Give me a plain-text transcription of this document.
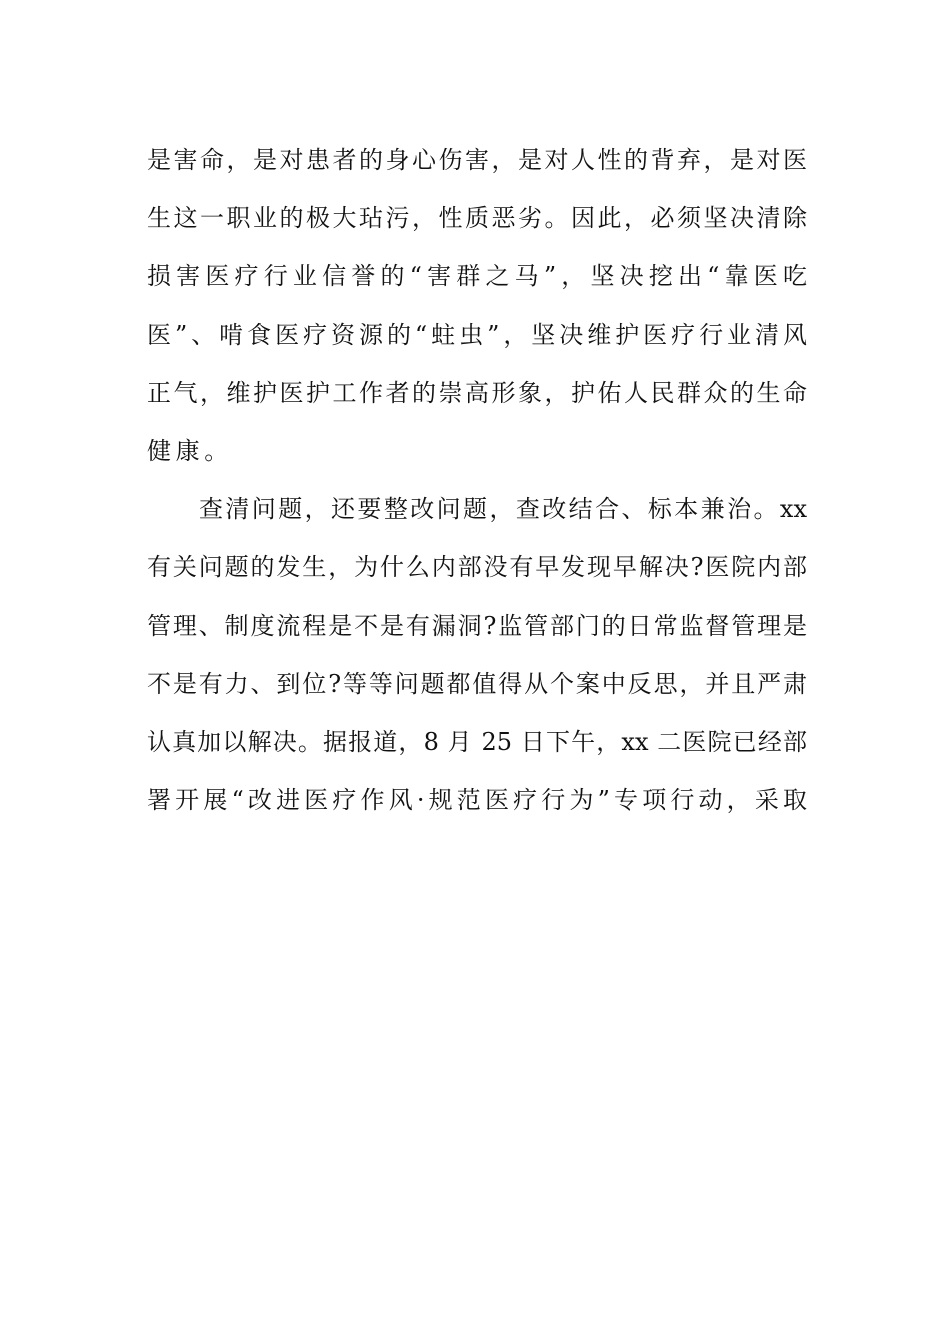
是害命，是对患者的身心伤害，是对人性的背弃，是对医
生这一职业的极大玷污，性质恶劣。因此，必须坚决清除
损害医疗行业信誉的“害群之马”，坚决挖出“靠医吃
医”、啃食医疗资源的“蛀虫”，坚决维护医疗行业清风
正气，维护医护工作者的崇高形象，护佑人民群众的生命
健康。
查清问题，还要整改问题，查改结合、标本兼治。xx
有关问题的发生，为什么内部没有早发现早解决?医院内部
管理、制度流程是不是有漏洞?监管部门的日常监督管理是
不是有力、到位?等等问题都值得从个案中反思，并且严肃
认真加以解决。据报道，8 月 25 日下午，xx 二医院已经部
署开展“改进医疗作风·规范医疗行为”专项行动，采取
